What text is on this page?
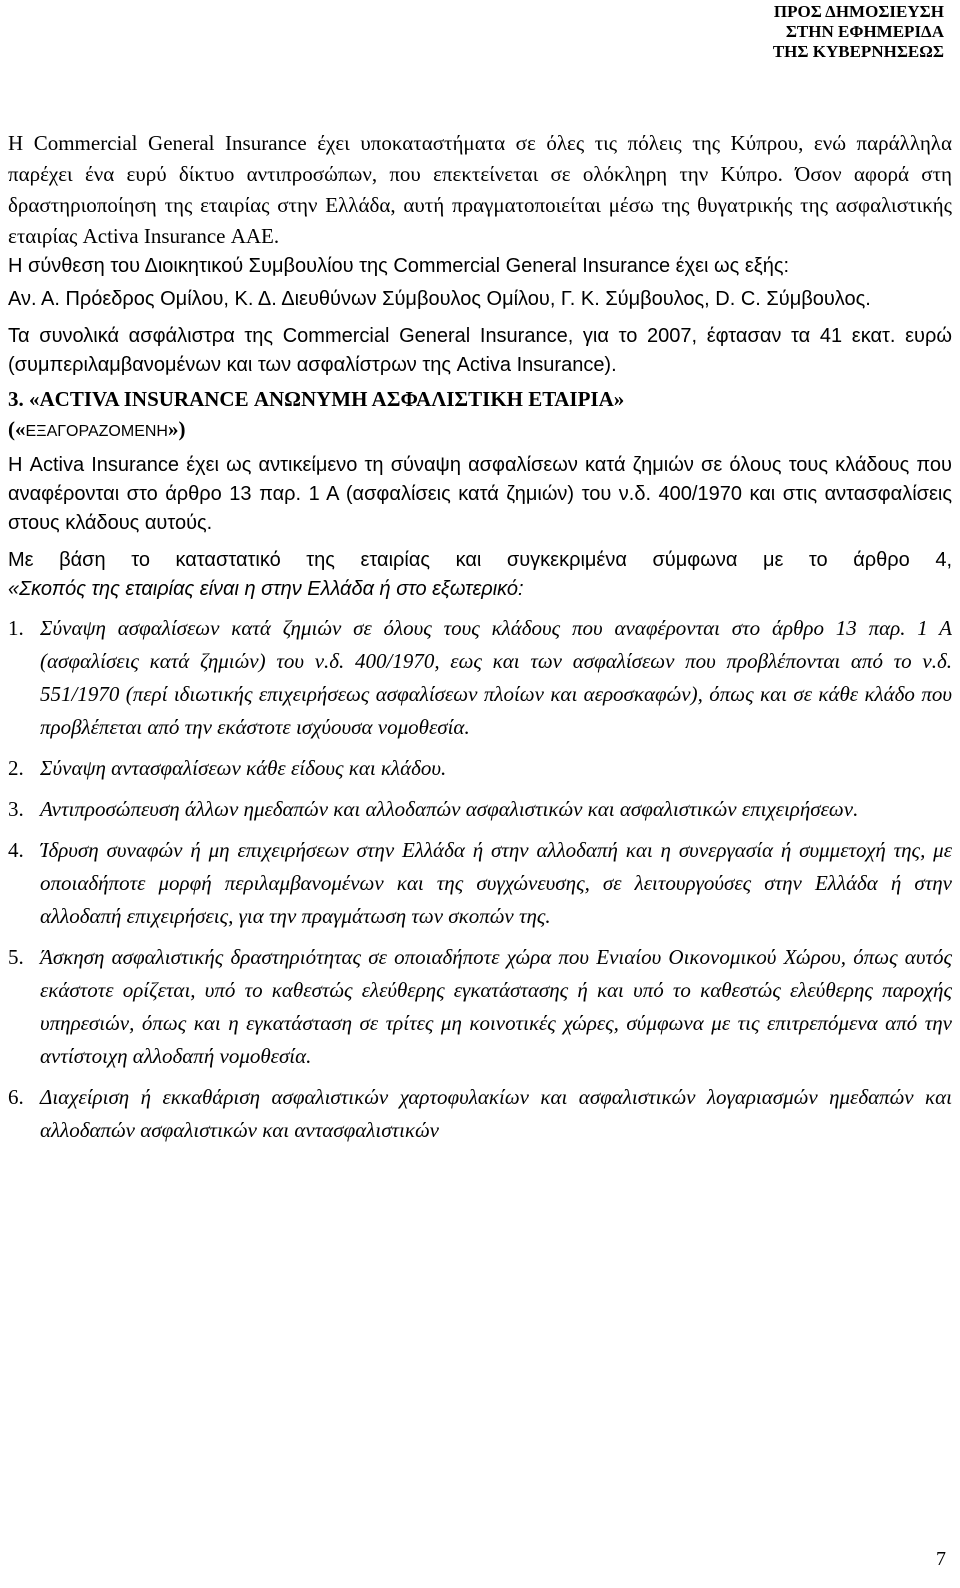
ΠΡΟΣ ΔΗΜΟΣΙΕΥΣΗ
ΣΤΗΝ ΕΦΗΜΕΡΙΔΑ
ΤΗΣ ΚΥΒΕΡΝΗΣΕΩΣ

Η Commercial General Insurance έχει υποκαταστήματα σε όλες τις πόλεις της Κύπρου, ενώ παράλληλα παρέχει ένα ευρύ δίκτυο αντιπροσώπων, που επεκτείνεται σε ολόκληρη την Κύπρο. Όσον αφορά στη δραστηριοποίηση της εταιρίας στην Ελλάδα, αυτή πραγματοποιείται μέσω της θυγατρικής της ασφαλιστικής εταιρίας Activa Insurance ΑΑΕ.

Η σύνθεση του Διοικητικού Συμβουλίου της Commercial General Insurance έχει ως εξής:

Αν. Α. Πρόεδρος Ομίλου, Κ. Δ. Διευθύνων Σύμβουλος Ομίλου, Γ. Κ. Σύμβουλος, D. C. Σύμβουλος.

Τα συνολικά ασφάλιστρα της Commercial General Insurance, για το 2007, έφτασαν τα 41 εκατ. ευρώ (συμπεριλαμβανομένων και των ασφαλίστρων της Activa Insurance).

3. «ACTIVA INSURANCE ΑΝΩΝΥΜΗ ΑΣΦΑΛΙΣΤΙΚΗ ΕΤΑΙΡΙΑ»

(«ΕΞΑΓΟΡΑΖΟΜΕΝΗ»)

Η Activa Insurance έχει ως αντικείμενο τη σύναψη ασφαλίσεων κατά ζημιών σε όλους τους κλάδους που αναφέρονται στο άρθρο 13 παρ. 1 Α (ασφαλίσεις κατά ζημιών) του ν.δ. 400/1970 και στις αντασφαλίσεις στους κλάδους αυτούς.

Με βάση το καταστατικό της εταιρίας και συγκεκριμένα σύμφωνα με το άρθρο 4,

«Σκοπός της εταιρίας είναι η στην Ελλάδα ή στο εξωτερικό:

1. Σύναψη ασφαλίσεων κατά ζημιών σε όλους τους κλάδους που αναφέρονται στο άρθρο 13 παρ. 1 Α (ασφαλίσεις κατά ζημιών) του ν.δ. 400/1970, εως και των ασφαλίσεων που προβλέπονται από το ν.δ. 551/1970 (περί ιδιωτικής επιχειρήσεως ασφαλίσεων πλοίων και αεροσκαφών), όπως και σε κάθε κλάδο που προβλέπεται από την εκάστοτε ισχύουσα νομοθεσία.
2. Σύναψη αντασφαλίσεων κάθε είδους και κλάδου.
3. Αντιπροσώπευση άλλων ημεδαπών και αλλοδαπών ασφαλιστικών και ασφαλιστικών επιχειρήσεων.
4. Ίδρυση συναφών ή μη επιχειρήσεων στην Ελλάδα ή στην αλλοδαπή και η συνεργασία ή συμμετοχή της, με οποιαδήποτε μορφή περιλαμβανομένων και της συγχώνευσης, σε λειτουργούσες στην Ελλάδα ή στην αλλοδαπή επιχειρήσεις, για την πραγμάτωση των σκοπών της.
5. Άσκηση ασφαλιστικής δραστηριότητας σε οποιαδήποτε χώρα που Ενιαίου Οικονομικού Χώρου, όπως αυτός εκάστοτε ορίζεται, υπό το καθεστώς ελεύθερης εγκατάστασης ή και υπό το καθεστώς ελεύθερης παροχής υπηρεσιών, όπως και η εγκατάσταση σε τρίτες μη κοινοτικές χώρες, σύμφωνα με τις επιτρεπόμενα από την αντίστοιχη αλλοδαπή νομοθεσία.
6. Διαχείριση ή εκκαθάριση ασφαλιστικών χαρτοφυλακίων και ασφαλιστικών λογαριασμών ημεδαπών και αλλοδαπών ασφαλιστικών και αντασφαλιστικών
7
